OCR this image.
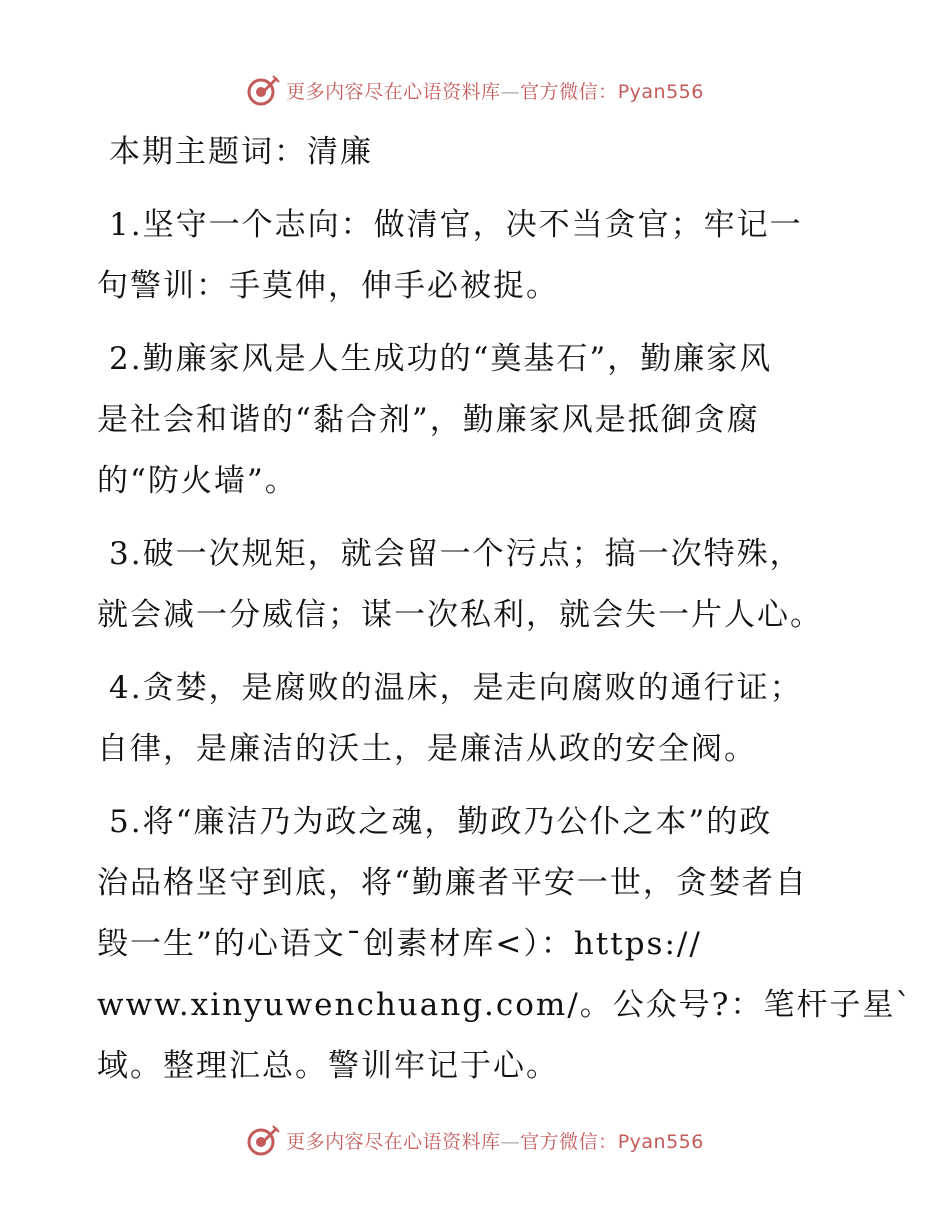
更多内容尽在心语资料库—官方微信：Pyan556
本期主题词：清廉
1.坚守一个志向：做清官，决不当贪官；牢记一
句警训：手莫伸，伸手必被捉。
2.勤廉家风是人生成功的“奠基石”，勤廉家风
是社会和谐的“黏合剂”，勤廉家风是抵御贪腐
的“防火墙”。
3.破一次规矩，就会留一个污点；搞一次特殊，
就会减一分威信；谋一次私利，就会失一片人心。
4.贪婪，是腐败的温床，是走向腐败的通行证；
自律，是廉洁的沃土，是廉洁从政的安全阀。
5.将“廉洁乃为政之魂，勤政乃公仆之本”的政
治品格坚守到底，将“勤廉者平安一世，贪婪者自
毁一生”的心语文¯创素材库<）：https://
www.xinyuwenchuang.com/。公众号?：笔杆子星`
域。整理汇总。警训牢记于心。
更多内容尽在心语资料库—官方微信：Pyan556
